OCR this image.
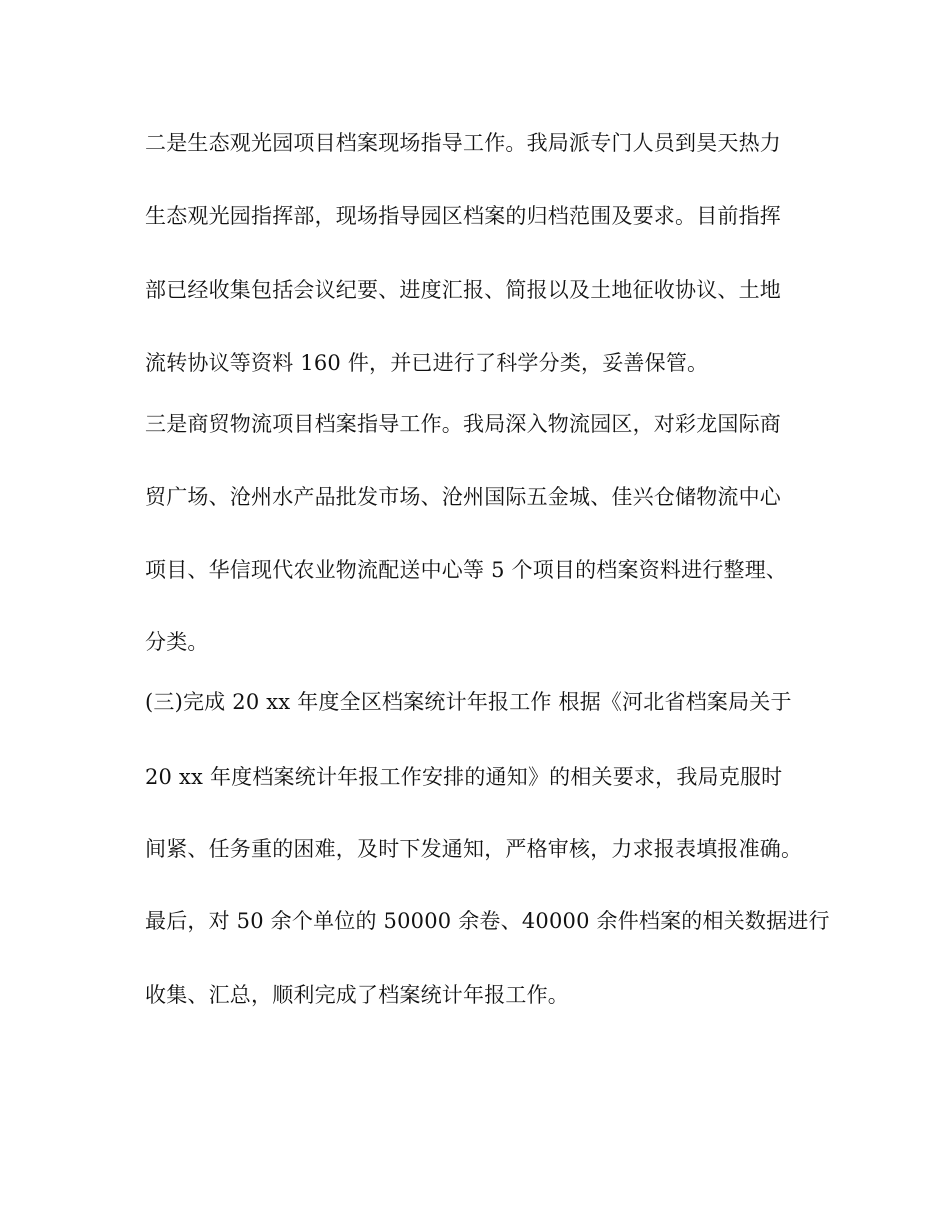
二是生态观光园项目档案现场指导工作。我局派专门人员到昊天热力
生态观光园指挥部，现场指导园区档案的归档范围及要求。目前指挥
部已经收集包括会议纪要、进度汇报、简报以及土地征收协议、土地
流转协议等资料 160 件，并已进行了科学分类，妥善保管。
三是商贸物流项目档案指导工作。我局深入物流园区，对彩龙国际商
贸广场、沧州水产品批发市场、沧州国际五金城、佳兴仓储物流中心
项目、华信现代农业物流配送中心等 5 个项目的档案资料进行整理、
分类。
(三)完成 20 xx 年度全区档案统计年报工作 根据《河北省档案局关于
20 xx 年度档案统计年报工作安排的通知》的相关要求，我局克服时
间紧、任务重的困难，及时下发通知，严格审核，力求报表填报准确。
最后，对 50 余个单位的 50000 余卷、40000 余件档案的相关数据进行
收集、汇总，顺利完成了档案统计年报工作。
